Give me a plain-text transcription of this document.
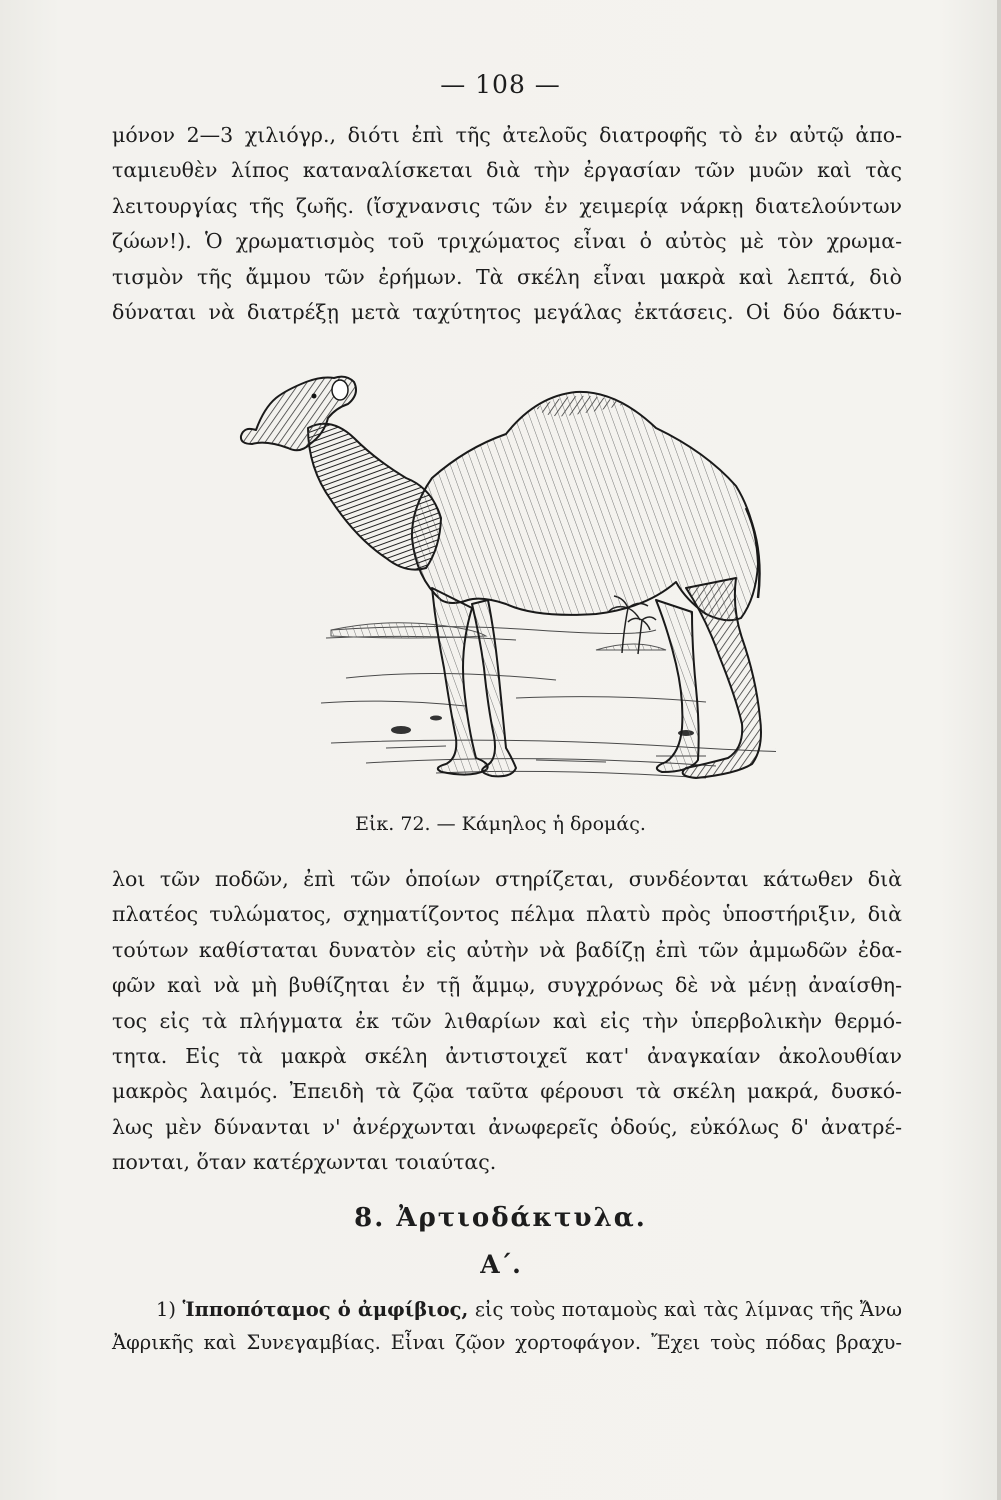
— 108 —
μόνον 2—3 χιλιόγρ., διότι ἐπὶ τῆς ἀτελοῦς διατροφῆς τὸ ἐν αὐτῷ ἀπο-
ταμιευθὲν λίπος καταναλίσκεται διὰ τὴν ἐργασίαν τῶν μυῶν καὶ τὰς
λειτουργίας τῆς ζωῆς. (ἴσχνανσις τῶν ἐν χειμερίᾳ νάρκῃ διατελούντων
ζώων!). Ὁ χρωματισμὸς τοῦ τριχώματος εἶναι ὁ αὐτὸς μὲ τὸν χρωμα-
τισμὸν τῆς ἄμμου τῶν ἐρήμων. Τὰ σκέλη εἶναι μακρὰ καὶ λεπτά, διὸ
δύναται νὰ διατρέξῃ μετὰ ταχύτητος μεγάλας ἐκτάσεις. Οἱ δύο δάκτυ-
Εἰκ. 72. — Κάμηλος ἡ δρομάς.
λοι τῶν ποδῶν, ἐπὶ τῶν ὁποίων στηρίζεται, συνδέονται κάτωθεν διὰ
πλατέος τυλώματος, σχηματίζοντος πέλμα πλατὺ πρὸς ὑποστήριξιν, διὰ
τούτων καθίσταται δυνατὸν εἰς αὐτὴν νὰ βαδίζῃ ἐπὶ τῶν ἀμμωδῶν ἐδα-
φῶν καὶ νὰ μὴ βυθίζηται ἐν τῇ ἄμμῳ, συγχρόνως δὲ νὰ μένῃ ἀναίσθη-
τος εἰς τὰ πλήγματα ἐκ τῶν λιθαρίων καὶ εἰς τὴν ὑπερβολικὴν θερμό-
τητα. Εἰς τὰ μακρὰ σκέλη ἀντιστοιχεῖ κατ' ἀναγκαίαν ἀκολουθίαν
μακρὸς λαιμός. Ἐπειδὴ τὰ ζῷα ταῦτα φέρουσι τὰ σκέλη μακρά, δυσκό-
λως μὲν δύνανται ν' ἀνέρχωνται ἀνωφερεῖς ὁδούς, εὐκόλως δ' ἀνατρέ-
πονται, ὅταν κατέρχωνται τοιαύτας.
8. Ἀρτιοδάκτυλα.
Α΄.
1) Ἱπποπόταμος ὁ ἀμφίβιος, εἰς τοὺς ποταμοὺς καὶ τὰς λίμνας τῆς Ἄνω
Ἀφρικῆς καὶ Συνεγαμβίας. Εἶναι ζῷον χορτοφάγον. Ἔχει τοὺς πόδας βραχυ-
